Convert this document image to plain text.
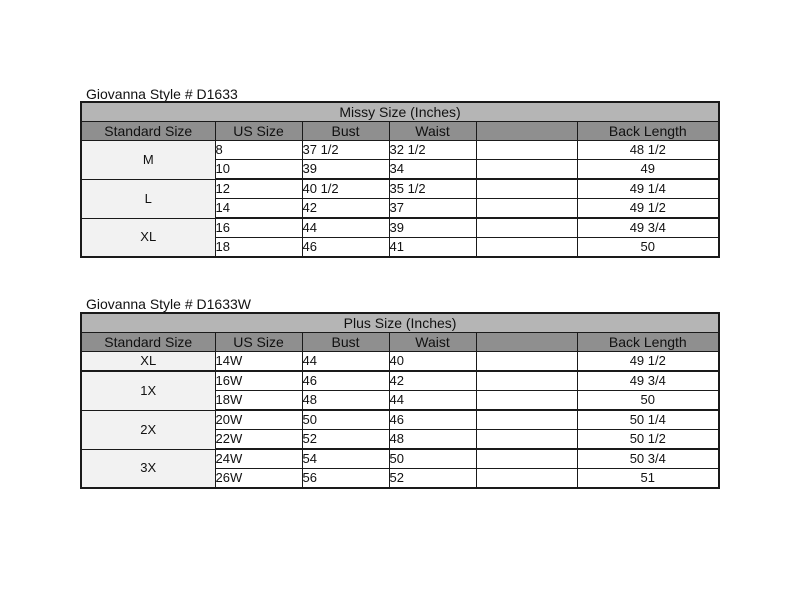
Giovanna Style # D1633
Missy Size (Inches)					
Standard Size	US Size	Bust	Waist		Back Length
M	8	37 1/2	32 1/2		48 1/2
	10	39	34		49
L	12	40 1/2	35 1/2		49 1/4
	14	42	37		49 1/2
XL	16	44	39		49 3/4
	18	46	41		50
Giovanna Style # D1633W
Plus Size (Inches)					
Standard Size	US Size	Bust	Waist		Back Length
XL	14W	44	40		49 1/2
1X	16W	46	42		49 3/4
	18W	48	44		50
2X	20W	50	46		50 1/4
	22W	52	48		50 1/2
3X	24W	54	50		50 3/4
	26W	56	52		51
